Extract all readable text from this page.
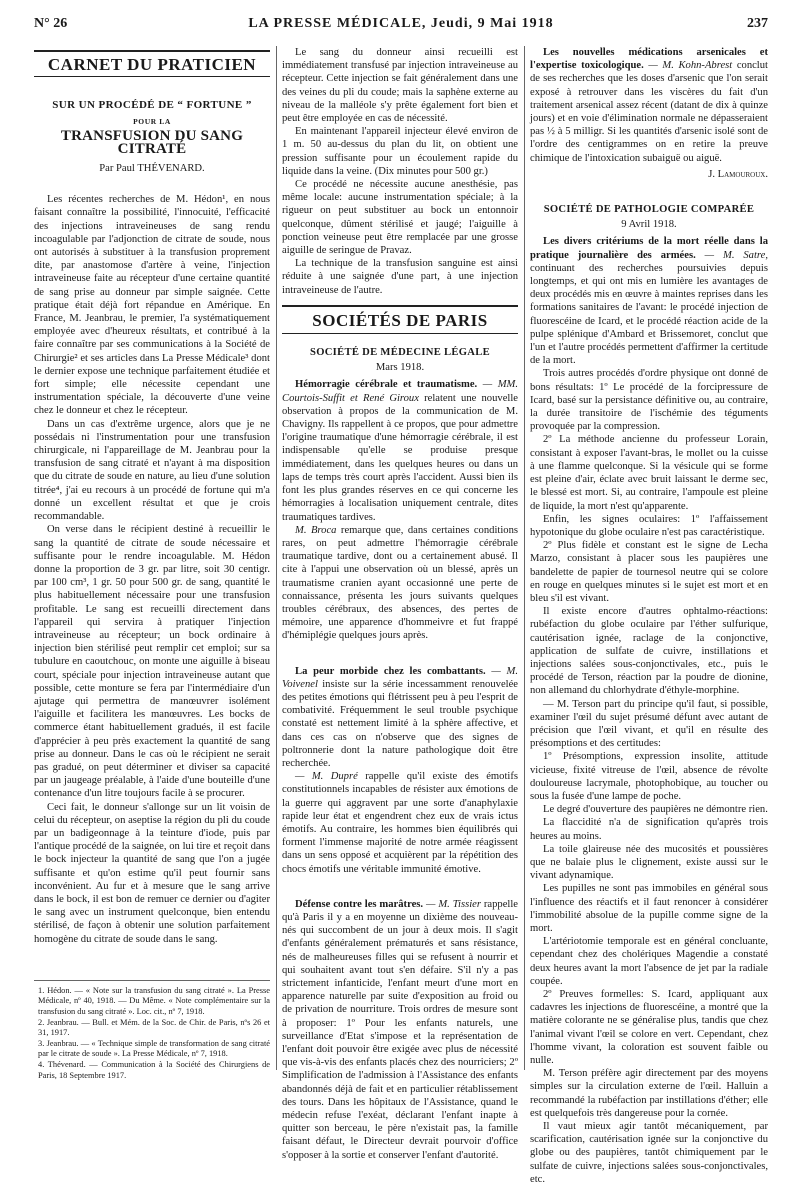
N° 26	LA PRESSE MÉDICALE, Jeudi, 9 Mai 1918	237
CARNET DU PRATICIEN
SUR UN PROCÉDÉ DE “ FORTUNE ”
POUR LA
TRANSFUSION DU SANG CITRATÉ
Par Paul THÉVENARD.

Les récentes recherches de M. Hédon¹, en nous faisant connaître la possibilité, l'innocuité, l'efficacité des injections intraveineuses de sang rendu incoagulable par l'adjonction de citrate de soude, nous ont autorisés à substituer à la transfusion proprement dite, par anastomose d'artère à veine, l'injection intraveineuse faite au récepteur d'une certaine quantité de sang prise au donneur par simple saignée. Cette pratique était déjà fort répandue en Amérique. En France, M. Jeanbrau, le premier, l'a systématiquement employée avec d'heureux résultats, et contribué à la faire connaître par ses communications à la Société de Chirurgie² et ses articles dans La Presse Médicale³ dont le dernier expose une technique parfaitement étudiée et fort simple; elle nécessite cependant une instrumentation spéciale, la découverte d'une veine chez le donneur et chez le récepteur.

Dans un cas d'extrême urgence, alors que je ne possédais ni l'instrumentation pour une transfusion chirurgicale, ni l'appareillage de M. Jeanbrau pour la transfusion de sang citraté et n'ayant à ma disposition que du citrate de soude en nature, au lieu d'une solution titrée⁴, j'ai eu recours à un procédé de fortune qui m'a donné un excellent résultat et que je crois recommandable.

On verse dans le récipient destiné à recueillir le sang la quantité de citrate de soude nécessaire et suffisante pour le rendre incoagulable. M. Hédon donne la proportion de 3 gr. par litre, soit 30 centigr. par 100 cm³, 1 gr. 50 pour 500 gr. de sang, quantité le plus habituellement nécessaire pour une transfusion profitable. Le sang est recueilli directement dans l'appareil qui servira à pratiquer l'injection intraveineuse au récepteur; un bock ordinaire à injection bien stérilisé peut remplir cet emploi; sur sa tubulure en caoutchouc, on monte une aiguille à biseau court, spéciale pour injection intraveineuse autant que possible, cette monture se fera par l'intermédiaire d'un ajutage qui permettra de manœuvrer isolément l'aiguille et facilitera les manœuvres. Les bocks de commerce étant habituellement gradués, il est facile d'apprécier à peu près exactement la quantité de sang prise au donneur. Dans le cas où le récipient ne serait pas gradué, on peut déterminer et diviser sa capacité par un jaugeage préalable, à l'aide d'une bouteille d'une contenance d'un litre toujours facile à se procurer.

Ceci fait, le donneur s'allonge sur un lit voisin de celui du récepteur, on aseptise la région du pli du coude par un badigeonnage à la teinture d'iode, puis par l'antique procédé de la saignée, on lui tire et reçoit dans le bock injecteur la quantité de sang que l'on a jugée suffisante et qu'on estime qu'il peut fournir sans inconvénient. Au fur et à mesure que le sang arrive dans le bock, il est bon de remuer ce dernier ou d'agiter le sang avec un instrument quelconque, bien entendu stérilisé, de façon à obtenir une solution parfaitement homogène du citrate de soude dans le sang.

1. Hédon. — « Note sur la transfusion du sang citraté ». La Presse Médicale, nº 40, 1918. — Du Même. « Note complémentaire sur la transfusion du sang citraté ». Loc. cit., nº 7, 1918.

2. Jeanbrau. — Bull. et Mém. de la Soc. de Chir. de Paris, nºs 26 et 31, 1917.

3. Jeanbrau. — « Technique simple de transformation de sang citraté par le citrate de soude ». La Presse Médicale, nº 7, 1918.

4. Thévenard. — Communication à la Société des Chirurgiens de Paris, 18 Septembre 1917.

Le sang du donneur ainsi recueilli est immédiatement transfusé par injection intraveineuse au récepteur. Cette injection se fait généralement dans une des veines du pli du coude; mais la saphène externe au niveau de la malléole s'y prête également fort bien et peut être employée en cas de nécessité.

En maintenant l'appareil injecteur élevé environ de 1 m. 50 au-dessus du plan du lit, on obtient une pression suffisante pour un écoulement rapide du liquide dans la veine. (Dix minutes pour 500 gr.)

Ce procédé ne nécessite aucune anesthésie, pas même locale: aucune instrumentation spéciale; à la rigueur on peut substituer au bock un entonnoir quelconque, dûment stérilisé et jaugé; l'aiguille à ponction veineuse peut être remplacée par une grosse aiguille de seringue de Pravaz.

La technique de la transfusion sanguine est ainsi réduite à une saignée d'une part, à une injection intraveineuse de l'autre.

SOCIÉTÉS DE PARIS
SOCIÉTÉ DE MÉDECINE LÉGALE
Mars 1918.

Hémorragie cérébrale et traumatisme. — MM. Courtois-Suffit et René Giroux relatent une nouvelle observation à propos de la communication de M. Chavigny. Ils rappellent à ce propos, que pour admettre l'origine traumatique d'une hémorragie cérébrale, il est indispensable qu'elle se produise presque immédiatement, dans les quelques heures ou dans un laps de temps très court après l'accident. Aussi bien ils font les plus grandes réserves en ce qui concerne les hémorragies à localisation uniquement centrale, dites traumatiques tardives.

M. Broca remarque que, dans certaines conditions rares, on peut admettre l'hémorragie cérébrale traumatique tardive, dont ou a certainement abusé. Il cite à l'appui une observation où un blessé, après un traumatisme cranien ayant occasionné une perte de connaissance, présenta les jours suivants quelques troubles cérébraux, des absences, des pertes de mémoire, une apparence d'hommeivre et fut frappé d'hémiplégie quelques jours après.

La peur morbide chez les combattants. — M. Voivenel insiste sur la série incessamment renouvelée des petites émotions qui flétrissent peu à peu l'esprit de combativité. Fréquemment le seul trouble psychique constaté est nettement limité à la sphère affective, et dans ces cas on n'observe que des signes de poltronnerie dont la nature pathologique doit être recherchée.

— M. Dupré rappelle qu'il existe des émotifs constitutionnels incapables de résister aux émotions de la guerre qui aggravent par une sorte d'anaphylaxie rapide leur état et engendrent chez eux de vrais ictus émotifs. Au contraire, les hommes bien équilibrés qui forment l'immense majorité de notre armée réagissent dans un sens opposé et acquièrent par la répétition des chocs émotifs une véritable immunité émotive.

Défense contre les marâtres. — M. Tissier rappelle qu'à Paris il y a en moyenne un dixième des nouveau-nés qui succombent de un jour à deux mois. Il s'agit d'enfants généralement prématurés et sans résistance, nés de malheureuses filles qui se refusent à nourrir et qui souhaitent avant tout s'en défaire. S'il n'y a pas strictement infanticide, l'enfant meurt d'une mort en apparence naturelle par suite d'exposition au froid ou de privation de nourriture. Trois ordres de mesure sont à proposer: 1º Pour les enfants naturels, une surveillance d'Etat s'impose et la représentation de l'enfant doit pouvoir être exigée avec plus de nécessité que vis-à-vis des enfants placés chez des nourriciers; 2º Simplification de l'admission à l'Assistance des enfants abandonnés déjà de fait et en particulier rétablissement des tours. Dans les hôpitaux de l'Assistance, quand le médecin refuse l'exéat, déclarant l'enfant inapte à quitter son berceau, le père n'existait pas, la famille faisant défaut, le Directeur devrait pourvoir d'office s'opposer à la sortie et conserver l'enfant d'autorité.

Les nouvelles médications arsenicales et l'expertise toxicologique. — M. Kohn-Abrest conclut de ses recherches que les doses d'arsenic que l'on serait exposé à retrouver dans les viscères du fait d'un traitement arsenical assez récent (datant de dix à quinze jours) et en voie d'élimination normale ne dépasseraient pas ½ à 5 milligr. Si les quantités d'arsenic isolé sont de l'ordre des centigrammes on en retire la preuve chimique de l'intoxication subaiguë ou aiguë.

J. Lamouroux.
SOCIÉTÉ DE PATHOLOGIE COMPARÉE
9 Avril 1918.

Les divers critériums de la mort réelle dans la pratique journalière des armées. — M. Satre, continuant des recherches poursuivies depuis longtemps, et qui ont mis en lumière les avantages de deux procédés mis en œuvre à maintes reprises dans les formations sanitaires de l'avant: le procédé injection de fluorescéine de Icard, et le procédé réaction acide de la pulpe splénique d'Ambard et Brissemoret, conclut que l'un et l'autre procédés permettent d'affirmer la certitude de la mort.

Trois autres procédés d'ordre physique ont donné de bons résultats: 1º Le procédé de la forcipressure de Icard, basé sur la persistance définitive ou, au contraire, la durée transitoire de l'ischémie des téguments provoquée par la compression.

2º La méthode ancienne du professeur Lorain, consistant à exposer l'avant-bras, le mollet ou la cuisse à une flamme quelconque. Si la vésicule qui se forme est pleine d'air, éclate avec bruit laissant le derme sec, le blessé est mort. Si, au contraire, l'ampoule est pleine de liquide, la mort n'est qu'apparente.

Enfin, les signes oculaires: 1º l'affaissement hypotonique du globe oculaire n'est pas caractéristique.

2º Plus fidèle et constant est le signe de Lecha Marzo, consistant à placer sous les paupières une bandelette de papier de tournesol neutre qui se colore en rouge en quelques minutes si le sujet est mort et en bleu s'il est vivant.

Il existe encore d'autres ophtalmo-réactions: rubéfaction du globe oculaire par l'éther sulfurique, cautérisation ignée, raclage de la conjonctive, application de sulfate de cuivre, instillations et injections salées sous-conjonctivales, etc., puis le procédé de Terson, réaction par la poudre de dionine, non allemand du chlorhydrate d'éthyle-morphine.

— M. Terson part du principe qu'il faut, si possible, examiner l'œil du sujet présumé défunt avec autant de précision que l'œil vivant, et qu'il en résulte des présomptions et des certitudes:

1º Présomptions, expression insolite, attitude vicieuse, fixité vitreuse de l'œil, absence de révolte douloureuse lacrymale, photophobique, au toucher ou sous la fusée d'une lampe de poche.

Le degré d'ouverture des paupières ne démontre rien.

La flaccidité n'a de signification qu'après trois heures au moins.

La toile glaireuse née des mucosités et poussières que ne balaie plus le clignement, existe aussi sur le vivant adynamique.

Les pupilles ne sont pas immobiles en général sous l'influence des réactifs et il faut renoncer à considérer l'immobilité absolue de la pupille comme signe de la mort.

L'artériotomie temporale est en général concluante, cependant chez des cholériques Magendie a constaté deux heures avant la mort l'absence de jet par la radiale coupée.

2º Preuves formelles: S. Icard, appliquant aux cadavres les injections de fluorescéine, a montré que la matière colorante ne se généralise plus, tandis que chez l'animal vivant l'œil se colore en vert. Cependant, chez l'homme vivant, la coloration est souvent faible ou nulle.

M. Terson préfère agir directement par des moyens simples sur la circulation externe de l'œil. Halluin a recommandé la rubéfaction par instillations d'éther; elle est quelquefois très dangereuse pour la cornée.

Il vaut mieux agir tantôt mécaniquement, par scarification, cautérisation ignée sur la conjonctive du globe ou des paupières, tantôt chimiquement par le sulfate de cuivre, injections salées sous-conjonctivales, etc.
